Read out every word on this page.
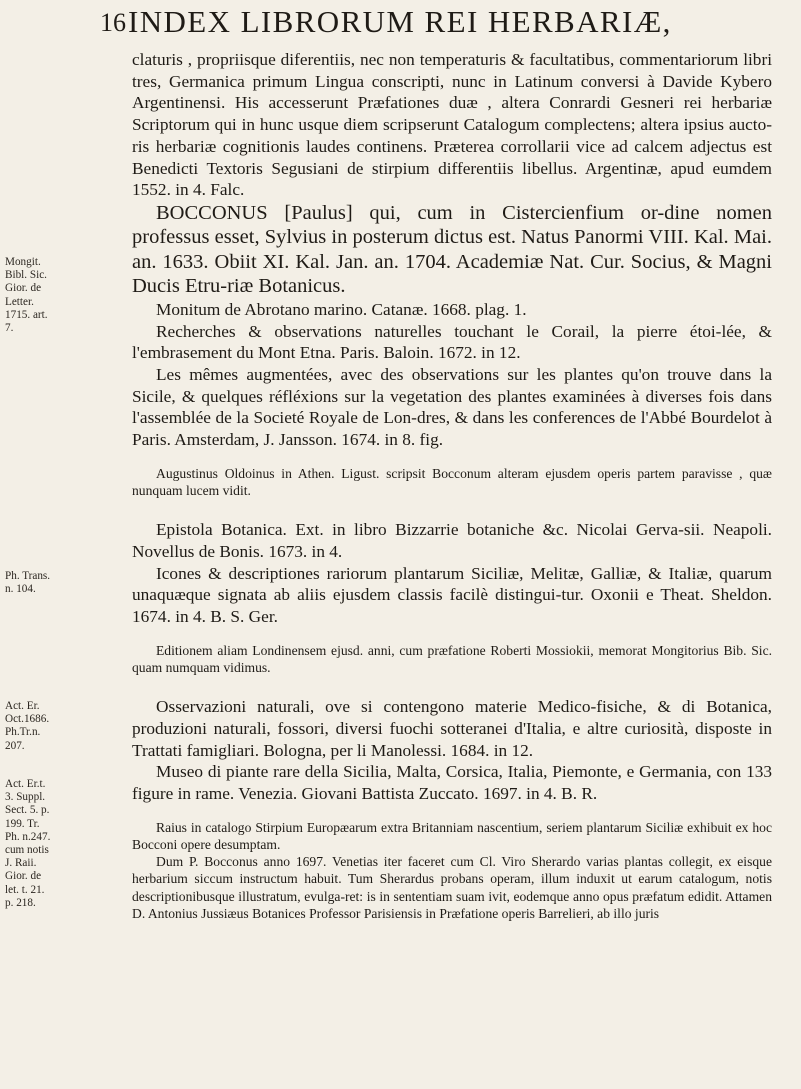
16 INDEX LIBRORUM REI HERBARIÆ,
Mongit.
Bibl. Sic.
Gior. de
Letter.
1715. art.
7.
Ph. Trans.
n. 104.
Act. Er.
Oct.1686.
Ph.Tr.n.
207.
Act. Er.t.
3. Suppl.
Sect. 5. p.
199. Tr.
Ph. n.247.
cum notis
J. Raii.
Gior. de
let. t. 21.
p. 218.

claturis , propriisque diferentiis, nec non temperaturis & facultatibus, commentariorum libri tres, Germanica primum Lingua conscripti, nunc in Latinum conversi à Davide Kybero Argentinensi. His accesserunt Præfationes duæ , altera Conrardi Gesneri rei herbariæ Scriptorum qui in hunc usque diem scripserunt Catalogum complectens; altera ipsius aucto-ris herbariæ cognitionis laudes continens. Præterea corrollarii vice ad calcem adjectus est Benedicti Textoris Segusiani de stirpium differentiis libellus. Argentinæ, apud eumdem 1552. in 4. Falc.

BOCCONUS [Paulus] qui, cum in Cistercienfium or-dine nomen professus esset, Sylvius in posterum dictus est. Natus Panormi VIII. Kal. Mai. an. 1633. Obiit XI. Kal. Jan. an. 1704. Academiæ Nat. Cur. Socius, & Magni Ducis Etru-riæ Botanicus.

Monitum de Abrotano marino. Catanæ. 1668. plag. 1.

Recherches & observations naturelles touchant le Corail, la pierre étoi-lée, & l'embrasement du Mont Etna. Paris. Baloin. 1672. in 12.

Les mêmes augmentées, avec des observations sur les plantes qu'on trouve dans la Sicile, & quelques réfléxions sur la vegetation des plantes examinées à diverses fois dans l'assemblée de la Societé Royale de Lon-dres, & dans les conferences de l'Abbé Bourdelot à Paris. Amsterdam, J. Jansson. 1674. in 8. fig.

Augustinus Oldoinus in Athen. Ligust. scripsit Bocconum alteram ejusdem operis partem paravisse , quæ nunquam lucem vidit.

Epistola Botanica. Ext. in libro Bizzarrie botaniche &c. Nicolai Gerva-sii. Neapoli. Novellus de Bonis. 1673. in 4.

Icones & descriptiones rariorum plantarum Siciliæ, Melitæ, Galliæ, & Italiæ, quarum unaquæque signata ab aliis ejusdem classis facilè distingui-tur. Oxonii e Theat. Sheldon. 1674. in 4. B. S. Ger.

Editionem aliam Londinensem ejusd. anni, cum præfatione Roberti Mossiokii, memorat Mongitorius Bib. Sic. quam numquam vidimus.

Osservazioni naturali, ove si contengono materie Medico-fisiche, & di Botanica, produzioni naturali, fossori, diversi fuochi sotteranei d'Italia, e altre curiosità, disposte in Trattati famigliari. Bologna, per li Manolessi. 1684. in 12.

Museo di piante rare della Sicilia, Malta, Corsica, Italia, Piemonte, e Germania, con 133 figure in rame. Venezia. Giovani Battista Zuccato. 1697. in 4. B. R.

Raius in catalogo Stirpium Europæarum extra Britanniam nascentium, seriem plantarum Siciliæ exhibuit ex hoc Bocconi opere desumptam.

Dum P. Bocconus anno 1697. Venetias iter faceret cum Cl. Viro Sherardo varias plantas collegit, ex eisque herbarium siccum instructum habuit. Tum Sherardus probans operam, illum induxit ut earum catalogum, notis descriptionibusque illustratum, evulga-ret: is in sententiam suam ivit, eodemque anno opus præfatum edidit. Attamen D. Antonius Jussiæus Botanices Professor Parisiensis in Præfatione operis Barrelieri, ab illo juris
